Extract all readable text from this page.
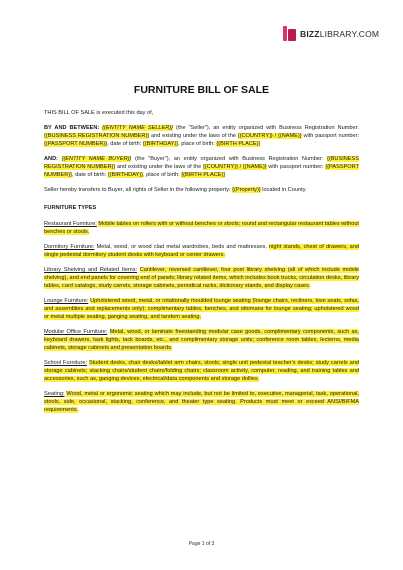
BIZZLIBRARY.COM
FURNITURE BILL OF SALE

THIS BILL OF SALE is executed this day of,

BY AND BETWEEN: {(ENTITY NAME SELLER)} (the "Seller"), an entity organized with Business Registration Number: {(BUSINESS REGISTRATION NUMBER)} and existing under the laws of the {(COUNTRY)} / {(NAME)} with passport number: {(PASSPORT NUMBER)}, date of birth: {(BIRTHDAY)}, place of birth: {(BIRTH PLACE)}

AND: {(ENTITY NAME BUYER)} (the "Buyer"), an entity organized with Business Registration Number: {(BUSINESS REGISTRATION NUMBER)} and existing under the laws of the {(COUNTRY)} / {(NAME)} with passport number: {(PASSPORT NUMBER)}, date of birth: {(BIRTHDAY)}, place of birth: {(BIRTH PLACE)}

Seller hereby transfers to Buyer, all rights of Seller in the following property: {(Property)} located in County.

FURNITURE TYPES

Restaurant Furniture: Mobile tables on rollers with or without benches or stools; round and rectangular restaurant tables without benches or stools.

Dormitory Furniture: Metal, wood, or wood clad metal wardrobes, beds and mattresses, night stands, chest of drawers, and single pedestal dormitory student desks with keyboard or center drawers.

Library Shelving and Related Items: Cantilever, reversed cantilever, four post library shelving (all of which include mobile shelving), and end panels for covering end of panels; library related items, which includes book trucks, circulation desks, library tables, card catalogs, study carrels, storage cabinets, periodical racks, dictionary stands, and display cases.

Lounge Furniture: Upholstered wood, metal, or rotationally moulded lounge seating (lounge chairs, recliners, love seats, sofas, and assemblies and replacements only); complimentary tables, benches, and ottomans for lounge seating; upholstered wood or metal multiple seating, ganging seating, and tandem seating.

Modular Office Furniture: Metal, wood, or laminate freestanding modular case goods, complimentary components, such as, keyboard drawers, task lights, tack boards, etc., and complimentary storage units; conference room tables, lecterns, media cabinets, storage cabinets and presentation boards.

School Furniture: Student desks, chair desks/tablet arm chairs, stools; single unit pedestal teacher's desks; study carrels and storage cabinets; stacking chairs/student chairs/folding chairs; classroom activity, computer, reading, and training tables and accessories, such as, ganging devices, electrical/data components and storage dollies.

Seating: Wood, metal or ergonomic seating which may include, but not be limited to, executive, managerial, task, operational, stools, side, occasional, stacking, conference, and theater type seating. Products must meet or exceed ANSI/BIFMA requirements.

Page 1 of 3
